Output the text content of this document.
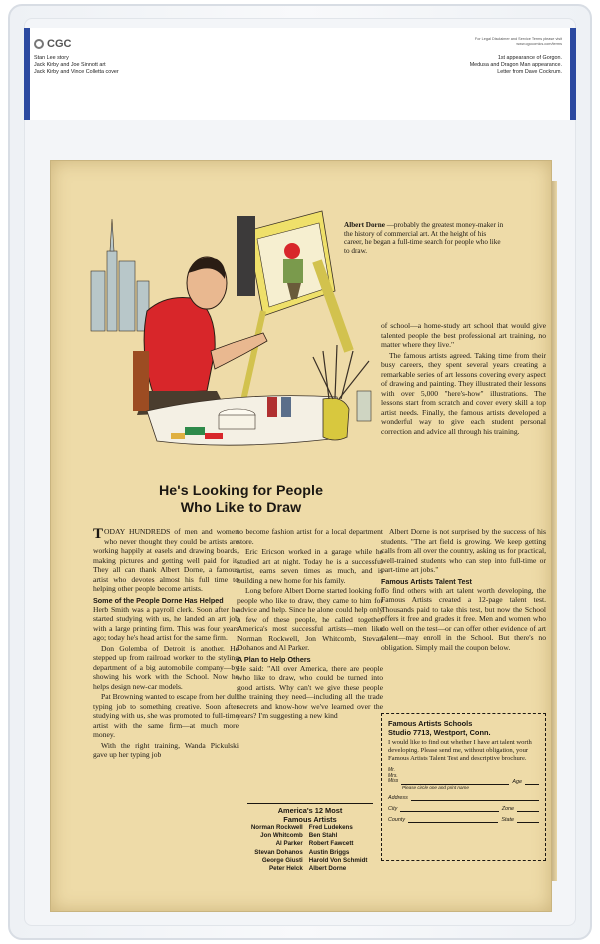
CGC
Stan Lee story
Jack Kirby and Joe Sinnott art
Jack Kirby and Vince Colletta cover
For Legal Disclaimer and Service Terms please visit
www.cgccomics.com/terms
1st appearance of Gorgon.
Medusa and Dragon Man appearance.
Letter from Dave Cockrum.
Albert Dorne —probably the greatest money-maker in the history of commercial art. At the height of his career, he began a full-time search for people who like to draw.

of school—a home-study art school that would give talented people the best professional art training, no matter where they live."

The famous artists agreed. Taking time from their busy careers, they spent several years creating a remarkable series of art lessons covering every aspect of drawing and painting. They illustrated their lessons with over 5,000 "here's-how" illustrations. The lessons start from scratch and cover every skill a top artist needs. Finally, the famous artists developed a wonderful way to give each student personal correction and advice all through his training.

He's Looking for People
Who Like to Draw

TODAY HUNDREDS of men and women who never thought they could be artists are working happily at easels and drawing boards, making pictures and getting well paid for it. They all can thank Albert Dorne, a famous artist who devotes almost his full time to helping other people become artists.

Some of the People Dorne Has Helped

Herb Smith was a payroll clerk. Soon after he started studying with us, he landed an art job with a large printing firm. This was four years ago; today he's head artist for the same firm.

Don Golemba of Detroit is another. He stepped up from railroad worker to the styling department of a big automobile company—by showing his work with the School. Now he helps design new-car models.

Pat Browning wanted to escape from her dull typing job to something creative. Soon after studying with us, she was promoted to full-time artist with the same firm—at much more money.

With the right training, Wanda Pickulski gave up her typing job

to become fashion artist for a local department store.

Eric Ericson worked in a garage while he studied art at night. Today he is a successful artist, earns seven times as much, and is building a new home for his family.

Long before Albert Dorne started looking for people who like to draw, they came to him for advice and help. Since he alone could help only a few of these people, he called together America's most successful artists—men like Norman Rockwell, Jon Whitcomb, Stevan Dohanos and Al Parker.

A Plan to Help Others

He said: "All over America, there are people who like to draw, who could be turned into good artists. Why can't we give these people the training they need—including all the trade secrets and know-how we've learned over the years? I'm suggesting a new kind

Albert Dorne is not surprised by the success of his students. "The art field is growing. We keep getting calls from all over the country, asking us for practical, well-trained students who can step into full-time or part-time art jobs."

Famous Artists Talent Test

To find others with art talent worth developing, the Famous Artists created a 12-page talent test. Thousands paid to take this test, but now the School offers it free and grades it free. Men and women who do well on the test—or can offer other evidence of art talent—may enroll in the School. But there's no obligation. Simply mail the coupon below.

America's 12 Most
Famous Artists
Norman Rockwell	Fred Ludekens
Jon Whitcomb	Ben Stahl
Al Parker	Robert Fawcett
Stevan Dohanos	Austin Briggs
George Giusti	Harold Von Schmidt
Peter Helck	Albert Dorne
Famous Artists Schools
Studio 7713, Westport, Conn.
I would like to find out whether I have art talent worth developing. Please send me, without obligation, your Famous Artists Talent Test and descriptive brochure.
Mr.
Mrs.
Miss	Age
Please circle one and print name
Address
City	Zone
County	State
